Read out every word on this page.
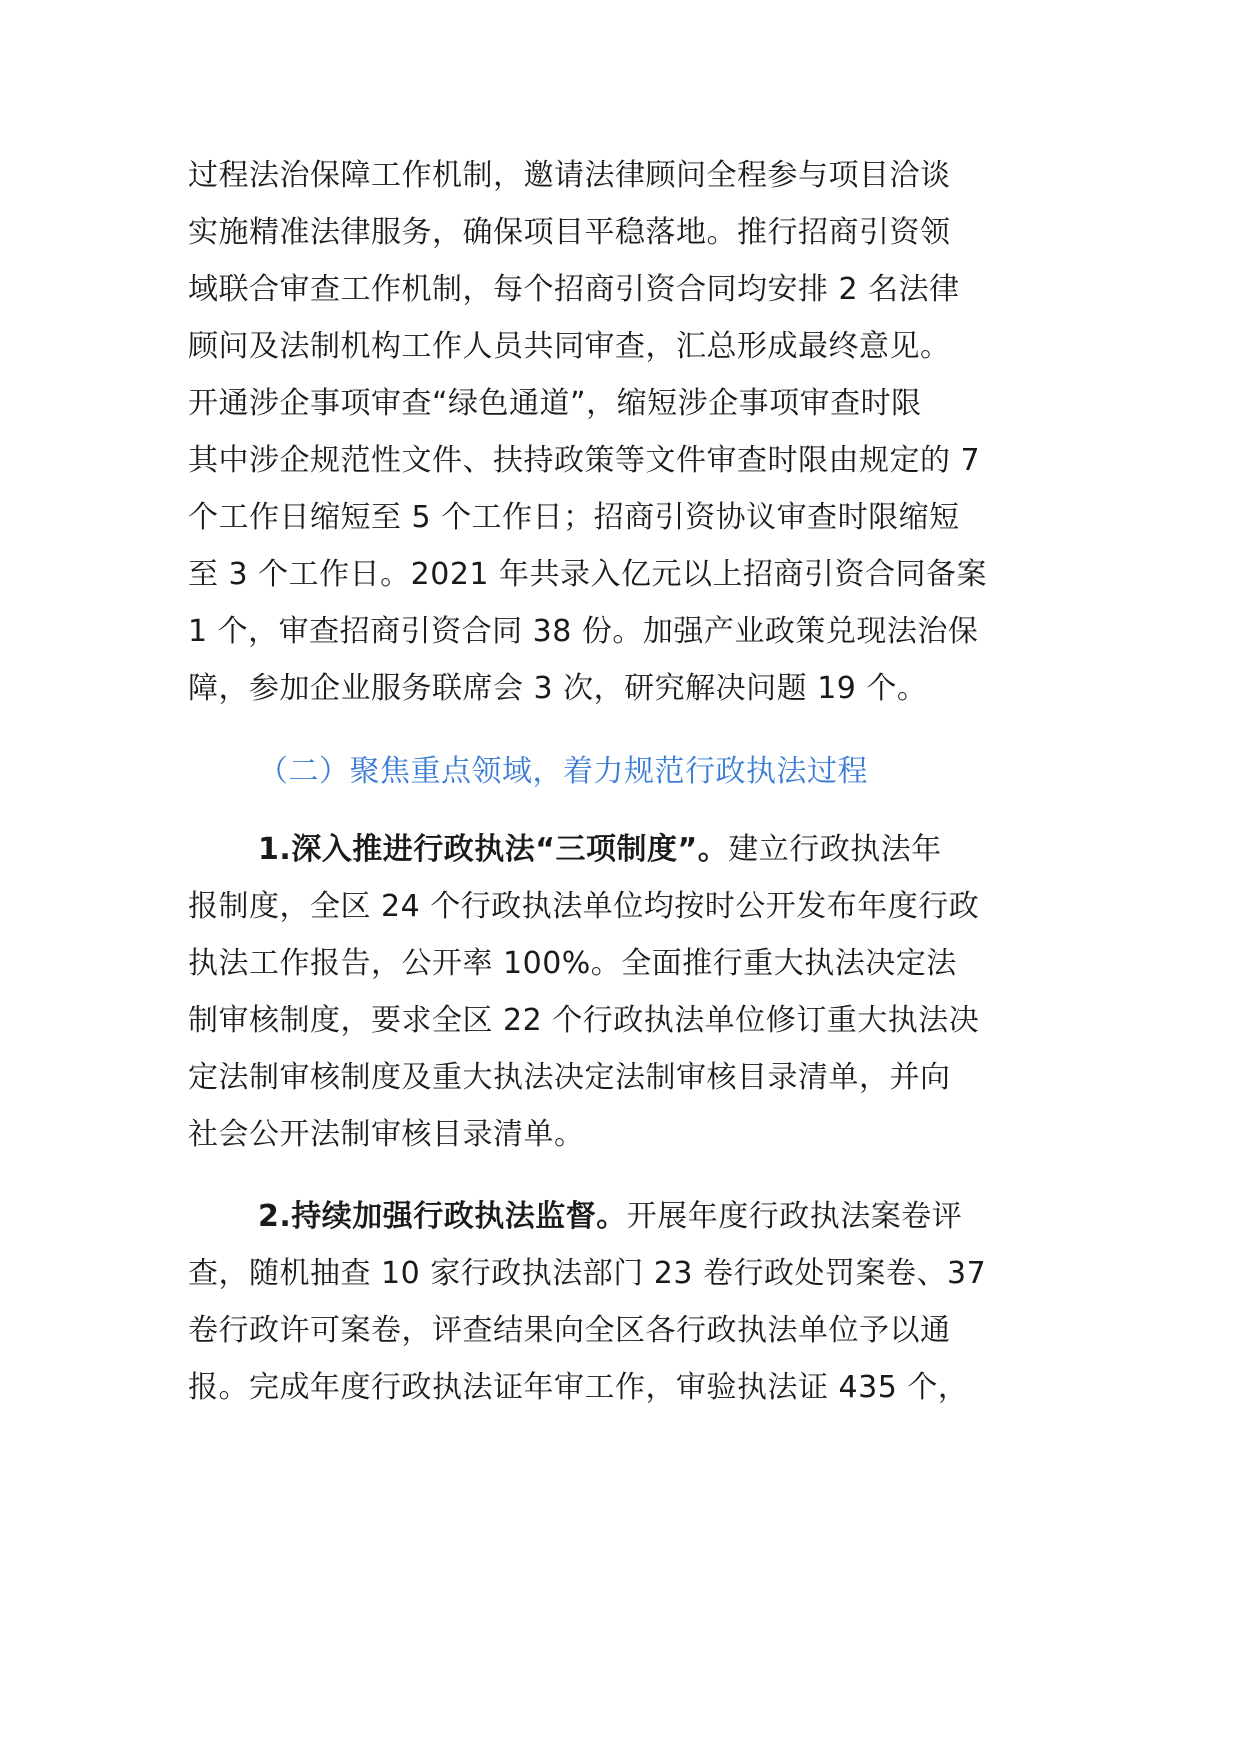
过程法治保障工作机制，邀请法律顾问全程参与项目洽谈
实施精准法律服务，确保项目平稳落地。推行招商引资领
域联合审查工作机制，每个招商引资合同均安排 2 名法律
顾问及法制机构工作人员共同审查，汇总形成最终意见。
开通涉企事项审查“绿色通道”，缩短涉企事项审查时限
其中涉企规范性文件、扶持政策等文件审查时限由规定的 7
个工作日缩短至 5 个工作日；招商引资协议审查时限缩短
至 3 个工作日。2021 年共录入亿元以上招商引资合同备案
1 个，审查招商引资合同 38 份。加强产业政策兑现法治保
障，参加企业服务联席会 3 次，研究解决问题 19 个。
（二）聚焦重点领域，着力规范行政执法过程
1.深入推进行政执法“三项制度”。建立行政执法年
报制度，全区 24 个行政执法单位均按时公开发布年度行政
执法工作报告，公开率 100%。全面推行重大执法决定法
制审核制度，要求全区 22 个行政执法单位修订重大执法决
定法制审核制度及重大执法决定法制审核目录清单，并向
社会公开法制审核目录清单。
2.持续加强行政执法监督。开展年度行政执法案卷评
查，随机抽查 10 家行政执法部门 23 卷行政处罚案卷、37
卷行政许可案卷，评查结果向全区各行政执法单位予以通
报。完成年度行政执法证年审工作，审验执法证 435 个，
